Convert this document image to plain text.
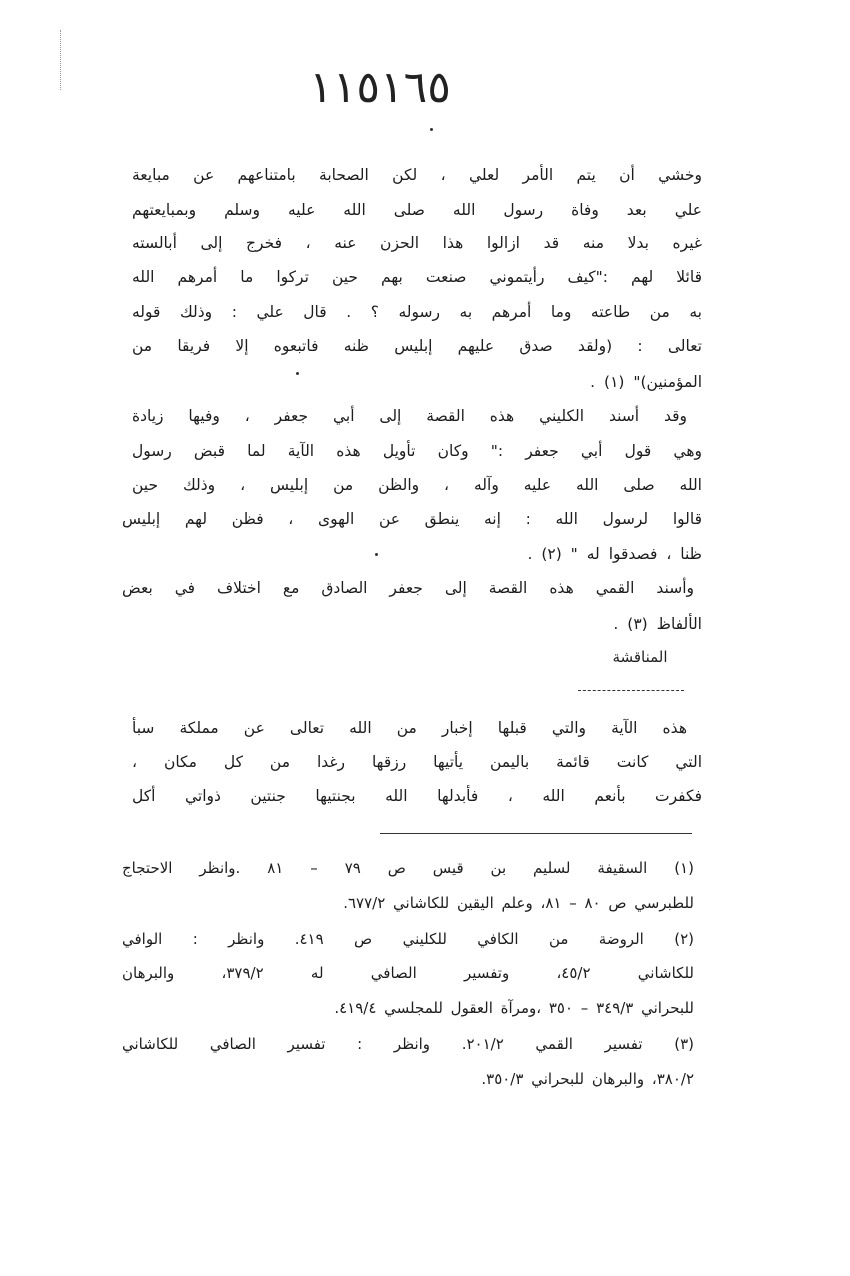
١١٥١٦٥
وخشي أن يتم الأمر لعلي ، لكن الصحابة بامتناعهم عن مبايعة
علي بعد وفاة رسول الله صلى الله عليه وسلم وبمبايعتهم
غيره بدلا منه قد ازالوا هذا الحزن عنه ، فخرج إلى أبالسته
قائلا لهم :"كيف رأيتموني صنعت بهم حين تركوا ما أمرهم الله
به من طاعته وما أمرهم به رسوله ؟ . قال علي : وذلك قوله
تعالى : (ولقد صدق عليهم إبليس ظنه فاتبعوه إلا فريقا من
المؤمنين)" (١) .
وقد أسند الكليني هذه القصة إلى أبي جعفر ، وفيها زيادة
وهي قول أبي جعفر :" وكان تأويل هذه الآية لما قبض رسول
الله صلى الله عليه وآله ، والظن من إبليس ، وذلك حين
قالوا لرسول الله : إنه ينطق عن الهوى ، فظن لهم إبليس
ظنا ، فصدقوا له " (٢) .
وأسند القمي هذه القصة إلى جعفر الصادق مع اختلاف في بعض
الألفاظ (٣) .
المناقشة
هذه الآية والتي قبلها إخبار من الله تعالى عن مملكة سبأ
التي كانت قائمة باليمن يأتيها رزقها رغدا من كل مكان ،
فكفرت بأنعم الله ، فأبدلها الله بجنتيها جنتين ذواتي أكل
(١) السقيفة لسليم بن قيس ص ٧٩ – ٨١ .وانظر الاحتجاج
للطبرسي ص ٨٠ – ٨١، وعلم اليقين للكاشاني ٦٧٧/٢.
(٢) الروضة من الكافي للكليني ص ٤١٩. وانظر : الوافي
للكاشاني ٤٥/٢، وتفسير الصافي له ٣٧٩/٢، والبرهان
للبحراني ٣٤٩/٣ – ٣٥٠ ،ومرآة العقول للمجلسي ٤١٩/٤.
(٣) تفسير القمي ٢٠١/٢. وانظر : تفسير الصافي للكاشاني
٣٨٠/٢، والبرهان للبحراني ٣٥٠/٣.
